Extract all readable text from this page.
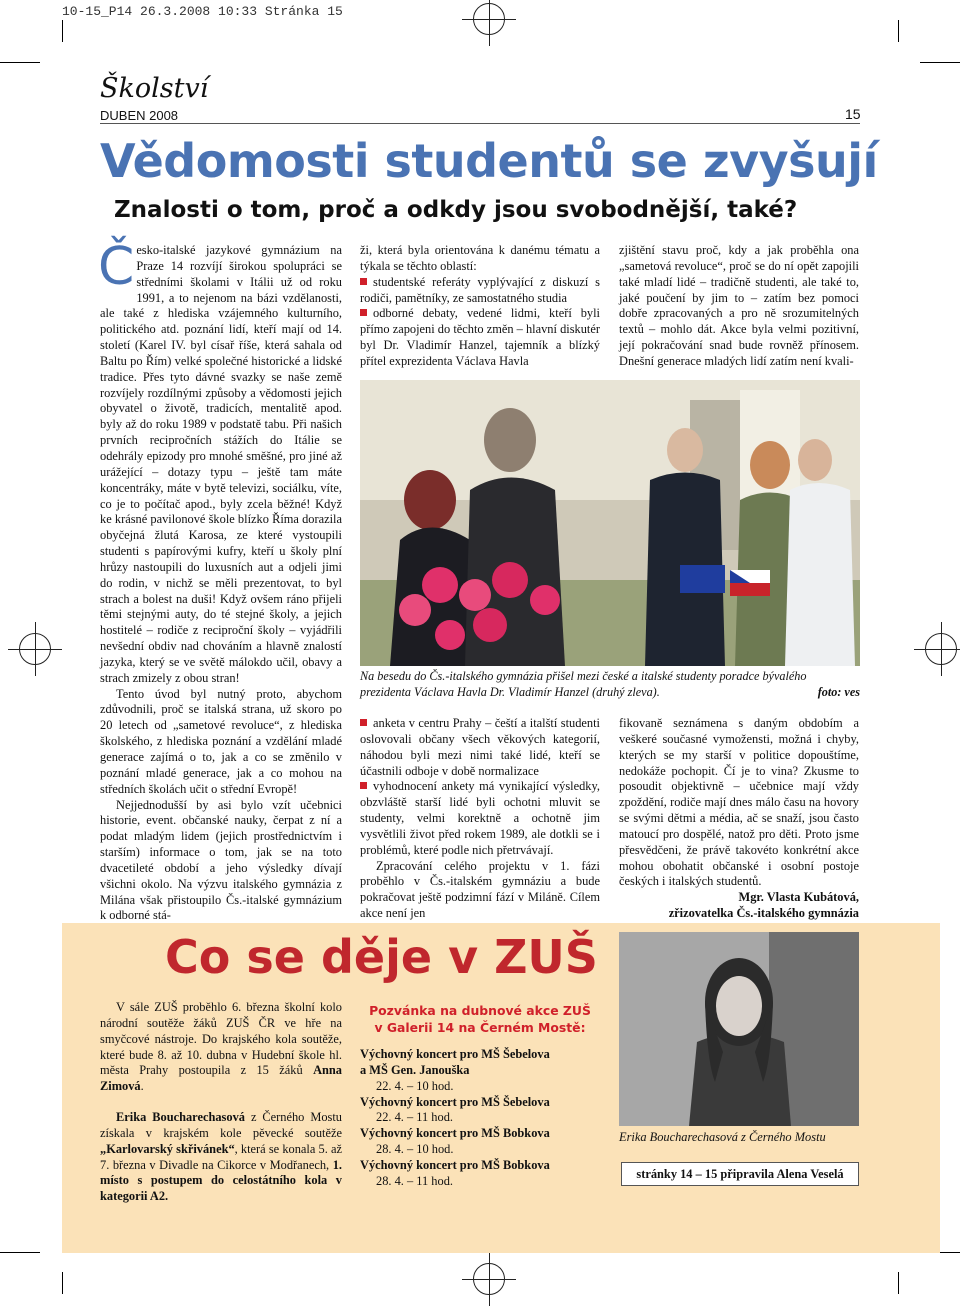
10-15_P14 26.3.2008 10:33 Stránka 15
Školství
DUBEN 2008	15
Vědomosti studentů se zvyšují
Znalosti o tom, proč a odkdy jsou svobodnější, také?
Č esko-italské jazykové gymnázium na Praze 14 rozvíjí širokou spolupráci se středními školami v Itálii už od roku 1991, a to nejenom na bázi vzdělanosti, ale také z hlediska vzájemného kulturního, politického atd. poznání lidí, kteří mají od 14. století (Karel IV. byl císař říše, která sahala od Baltu po Řím) velké společné historické a lidské tradice. Přes tyto dávné svazky se naše země rozvíjely rozdílnými způsoby a vědomosti jejich obyvatel o životě, tradicích, mentalitě apod. byly až do roku 1989 v podstatě tabu. Při našich prvních recipročních stážích do Itálie se odehrály epizody pro mnohé směšné, pro jiné až urážející – dotazy typu – ještě tam máte koncentráky, máte v bytě televizi, sociálku, víte, co je to počítač apod., byly zcela běžné! Když ke krásné pavilonové škole blízko Říma dorazila obyčejná žlutá Karosa, ze které vystoupili studenti s papírovými kufry, kteří u školy plní hrůzy nastoupili do luxusních aut a odjeli jimi do rodin, v nichž se měli prezentovat, to byl strach a bolest na duši! Když ovšem ráno přijeli těmi stejnými auty, do té stejné školy, a jejich hostitelé – rodiče z reciproční školy – vyjádřili nevšední obdiv nad chováním a hlavně znalostí jazyka, který se ve světě málokdo učil, obavy a strach zmizely z obou stran!

Tento úvod byl nutný proto, abychom zdůvodnili, proč se italská strana, už skoro po 20 letech od „sametové revoluce“, z hlediska školského, z hlediska poznání a vzdělání mladé generace zajímá o to, jak a co se změnilo v poznání mladé generace, jak a co mohou na středních školách učit o střední Evropě!

Nejjednodušší by asi bylo vzít učebnici historie, event. občanské nauky, čerpat z ní a podat mladým lidem (jejich prostřednictvím i starším) informace o tom, jak se na toto dvacetileté období a jeho výsledky dívají všichni okolo. Na výzvu italského gymnázia z Milána však přistoupilo Čs.-italské gymnázium k odborné stá-

ži, která byla orientována k danému tématu a týkala se těchto oblastí:

studentské referáty vyplývající z diskuzí s rodiči, pamětníky, ze samostatného studia

odborné debaty, vedené lidmi, kteří byli přímo zapojeni do těchto změn – hlavní diskutér byl Dr. Vladimír Hanzel, tajemník a blízký přítel exprezidenta Václava Havla

zjištění stavu proč, kdy a jak proběhla ona „sametová revoluce“, proč se do ní opět zapojili také mladí lidé – tradičně studenti, ale také to, jaké poučení by jim to – zatím bez pomoci dobře zpracovaných a pro ně srozumitelných textů – mohlo dát. Akce byla velmi pozitivní, její pokračování snad bude rovněž přínosem. Dnešní generace mladých lidí zatím není kvali-

Na besedu do Čs.-italského gymnázia přišel mezi české a italské studenty poradce bývalého prezidenta Václava Havla Dr. Vladimír Hanzel (druhý zleva).	foto: ves

anketa v centru Prahy – čeští a italští studenti oslovovali občany všech věkových kategorií, náhodou byli mezi nimi také lidé, kteří se účastnili odboje v době normalizace

vyhodnocení ankety má vynikající výsledky, obzvláště starší lidé byli ochotni mluvit se studenty, velmi korektně a ochotně jim vysvětlili život před rokem 1989, ale dotkli se i problémů, které podle nich přetrvávají.

Zpracování celého projektu v 1. fázi proběhlo v Čs.-italském gymnáziu a bude pokračovat ještě podzimní fází v Miláně. Cílem akce není jen

fikovaně seznámena s daným obdobím a veškeré současné vymožensti, možná i chyby, kterých se my starší v politice dopouštíme, nedokáže pochopit. Čí je to vina? Zkusme to posoudit objektivně – učebnice mají vždy zpoždění, rodiče mají dnes málo času na hovory se svými dětmi a média, ač se snaží, jsou často matoucí pro dospělé, natož pro děti. Proto jsme přesvědčeni, že právě takovéto konkrétní akce mohou obohatit občanské i osobní postoje českých i italských studentů.
Mgr. Vlasta Kubátová,

zřizovatelka Čs.-italského gymnázia

Co se děje v ZUŠ

V sále ZUŠ proběhlo 6. března školní kolo národní soutěže žáků ZUŠ ČR ve hře na smyčcové nástroje. Do krajského kola soutěže, které bude 8. až 10. dubna v Hudební škole hl. města Prahy postoupila z 15 žáků Anna Zimová.

Erika Boucharechasová z Černého Mostu získala v krajském kole pěvecké soutěže „Karlovarský skřivánek“, která se konala 5. až 7. března v Divadle na Cikorce v Modřanech, 1. místo s postupem do celostátního kola v kategorii A2.

Pozvánka na dubnové akce ZUŠ
v Galerii 14 na Černém Mostě:
Výchovný koncert pro MŠ Šebelova
a MŠ Gen. Janouška
22. 4. – 10 hod.
Výchovný koncert pro MŠ Šebelova
22. 4. – 11 hod.
Výchovný koncert pro MŠ Bobkova
28. 4. – 10 hod.
Výchovný koncert pro MŠ Bobkova
28. 4. – 11 hod.
Erika Boucharechasová z Černého Mostu
stránky 14 – 15 připravila Alena Veselá
